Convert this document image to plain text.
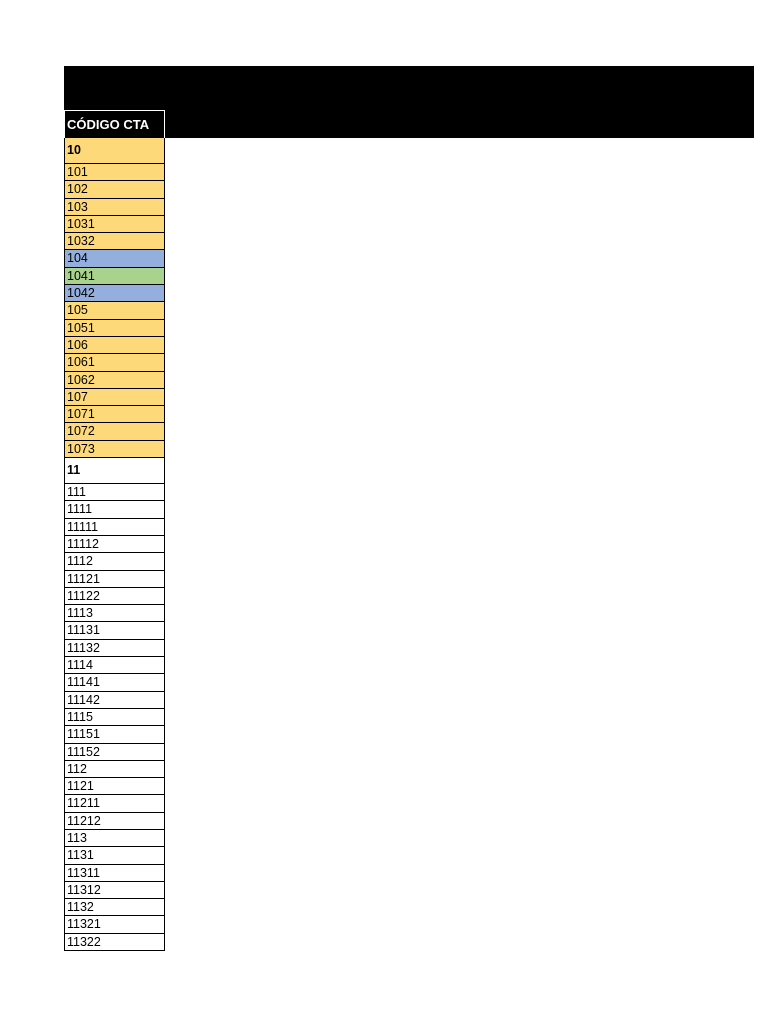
CÓDIGO CTA
10
101
102
103
1031
1032
104
1041
1042
105
1051
106
1061
1062
107
1071
1072
1073
11
111
1111
11111
11112
1112
11121
11122
1113
11131
11132
1114
11141
11142
1115
11151
11152
112
1121
11211
11212
113
1131
11311
11312
1132
11321
11322
